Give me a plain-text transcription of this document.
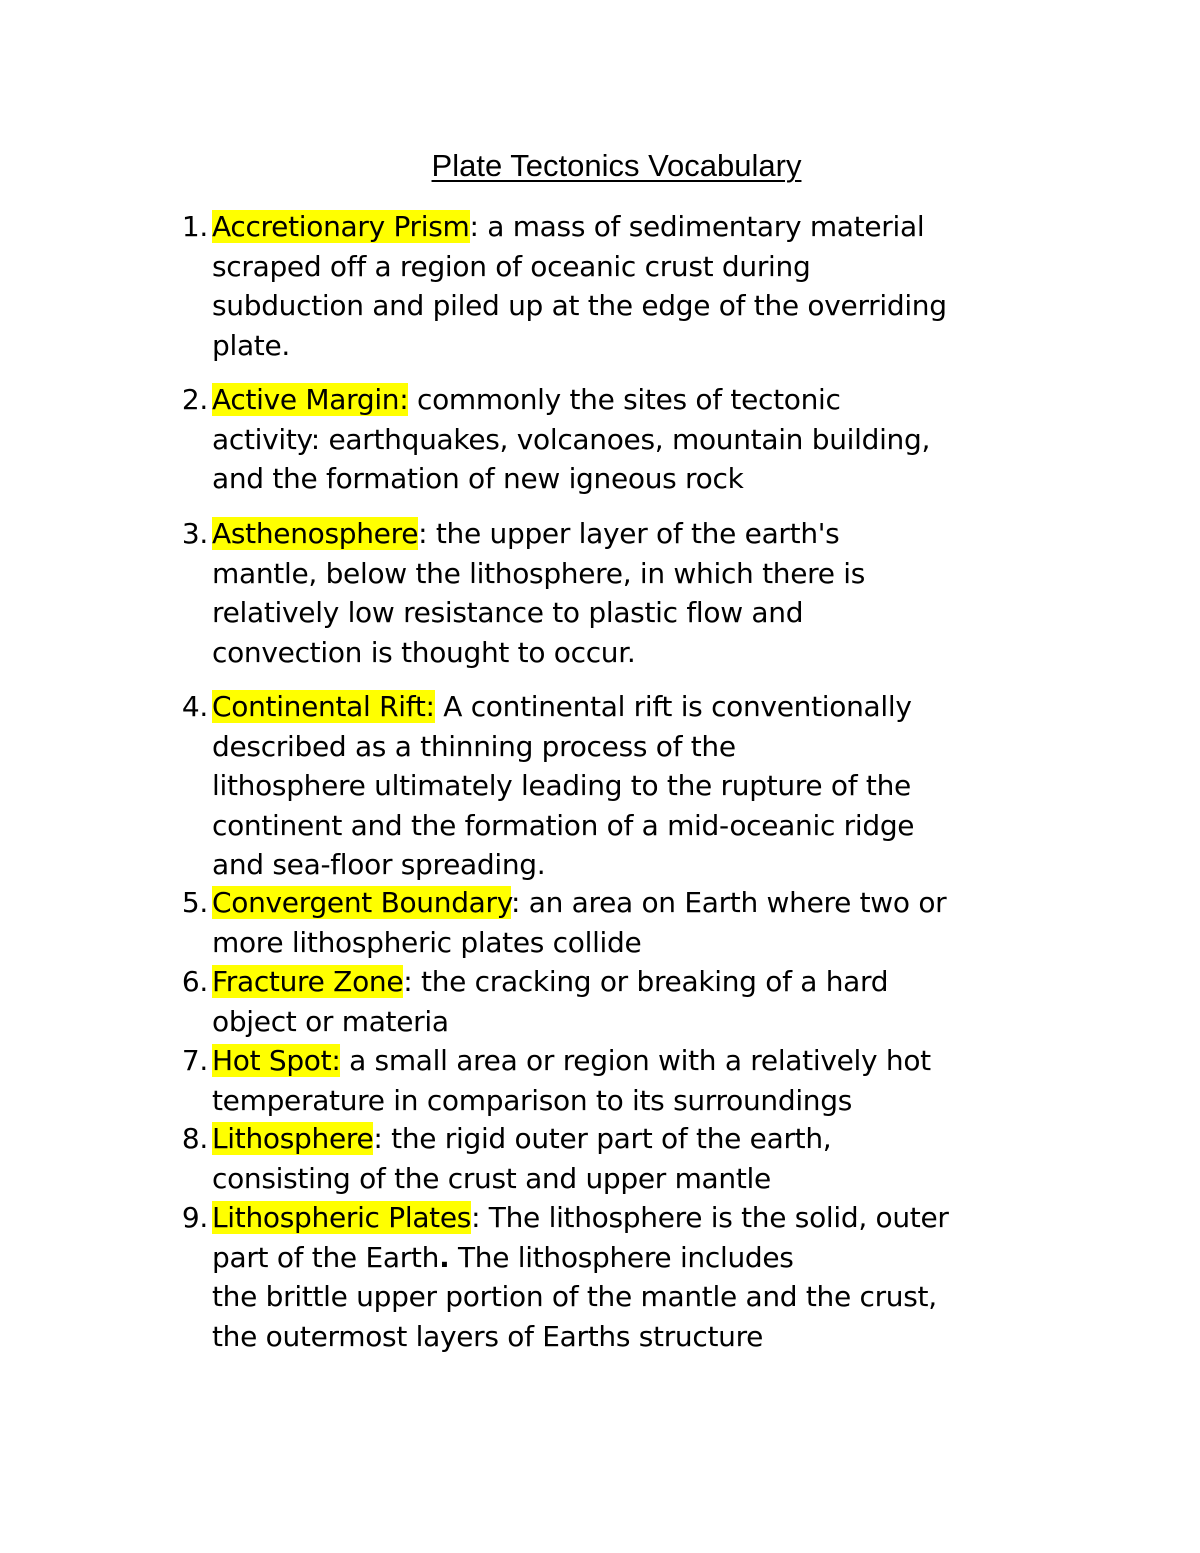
Plate Tectonics Vocabulary
1. Accretionary Prism: a mass of sedimentary material
scraped off a region of oceanic crust during
subduction and piled up at the edge of the overriding
plate.
2. Active Margin: commonly the sites of tectonic
activity: earthquakes, volcanoes, mountain building,
and the formation of new igneous rock
3. Asthenosphere: the upper layer of the earth's
mantle, below the lithosphere, in which there is
relatively low resistance to plastic flow and
convection is thought to occur.
4. Continental Rift: A continental rift is conventionally
described as a thinning process of the
lithosphere ultimately leading to the rupture of the
continent and the formation of a mid-oceanic ridge
and sea-floor spreading.
5. Convergent Boundary: an area on Earth where two or
more lithospheric plates collide
6. Fracture Zone: the cracking or breaking of a hard
object or materia
7. Hot Spot: a small area or region with a relatively hot
temperature in comparison to its surroundings
8. Lithosphere: the rigid outer part of the earth,
consisting of the crust and upper mantle
9. Lithospheric Plates: The lithosphere is the solid, outer
part of the Earth. The lithosphere includes
the brittle upper portion of the mantle and the crust,
the outermost layers of Earths structure
